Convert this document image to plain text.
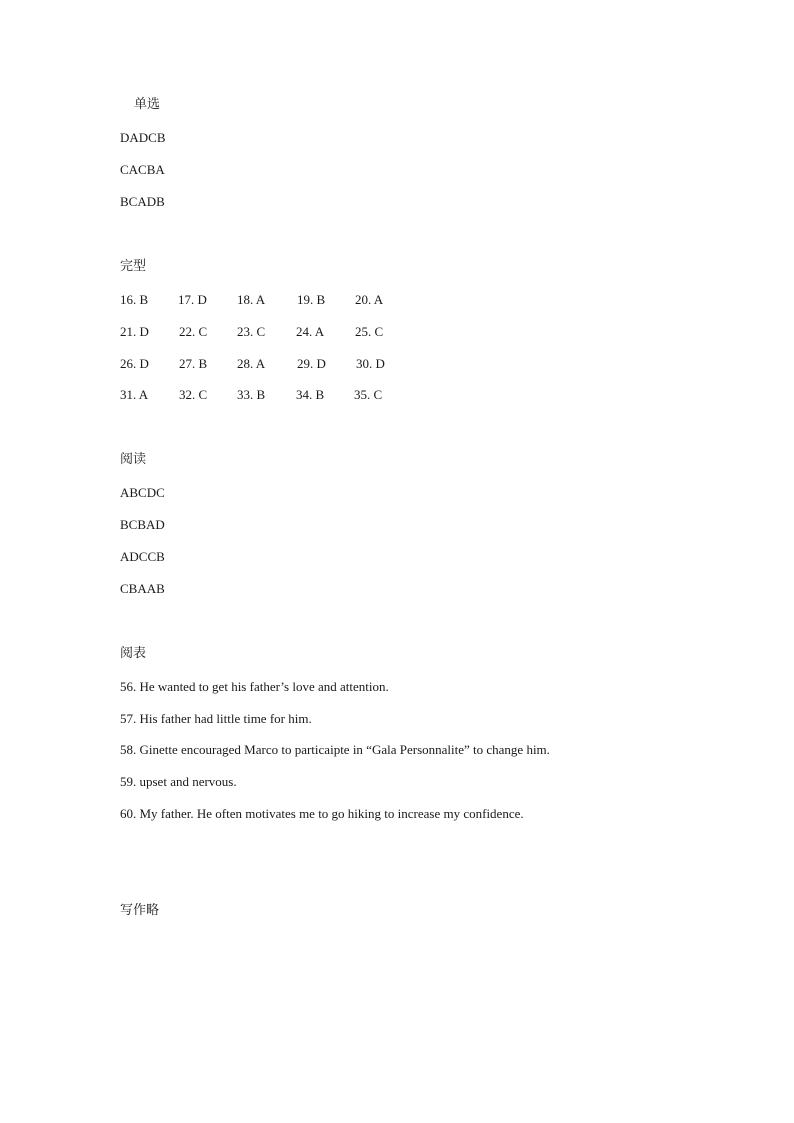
单选
DADCB
CACBA
BCADB
完型
16. B 17. D 18. A 19. B 20. A
21. D 22. C 23. C 24. A 25. C
26. D 27. B 28. A 29. D 30. D
31. A 32. C 33. B 34. B 35. C
阅读
ABCDC
BCBAD
ADCCB
CBAAB
阅表
56. He wanted to get his father’s love and attention.
57. His father had little time for him.
58. Ginette encouraged Marco to particaipte in “Gala Personnalite” to change him.
59. upset and nervous.
60. My father. He often motivates me to go hiking to increase my confidence.
写作略
